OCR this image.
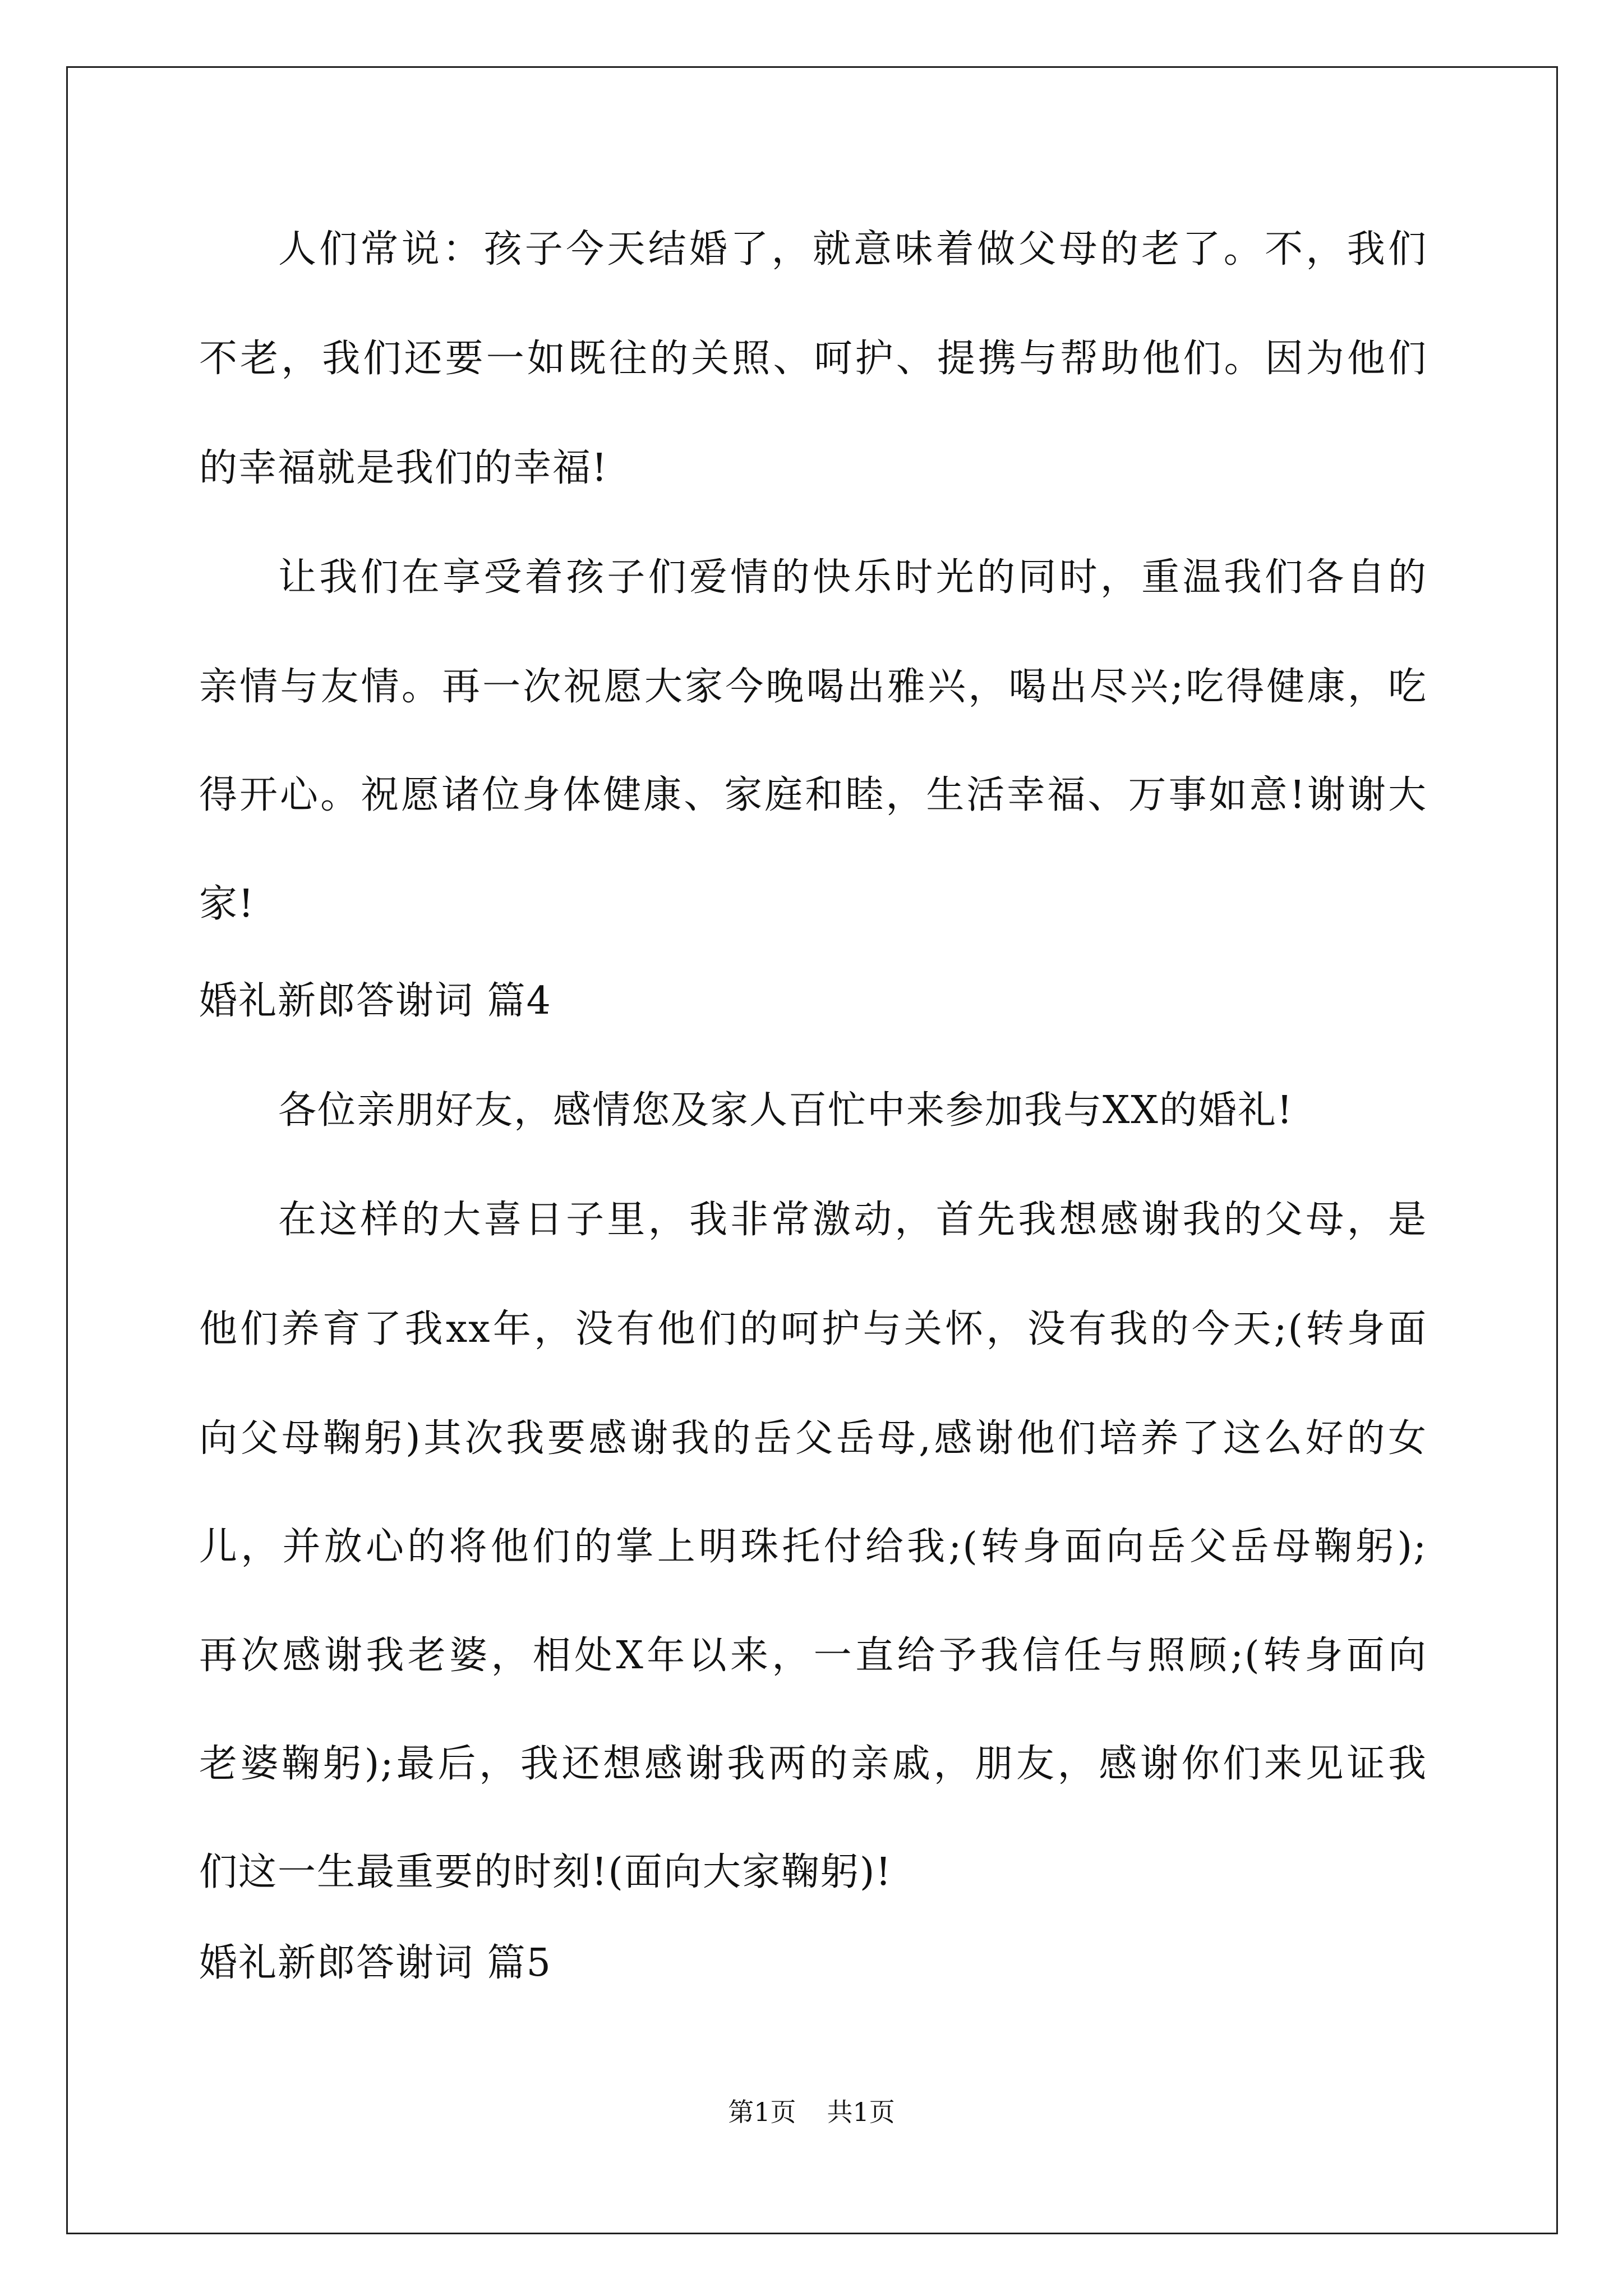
人们常说：孩子今天结婚了，就意味着做父母的老了。不，我们
不老，我们还要一如既往的关照、呵护、提携与帮助他们。因为他们
的幸福就是我们的幸福!
让我们在享受着孩子们爱情的快乐时光的同时，重温我们各自的
亲情与友情。再一次祝愿大家今晚喝出雅兴，喝出尽兴;吃得健康，吃
得开心。祝愿诸位身体健康、家庭和睦，生活幸福、万事如意!谢谢大
家!
婚礼新郎答谢词 篇4
各位亲朋好友，感情您及家人百忙中来参加我与XX的婚礼!
在这样的大喜日子里，我非常激动，首先我想感谢我的父母，是
他们养育了我xx年，没有他们的呵护与关怀，没有我的今天;(转身面
向父母鞠躬)其次我要感谢我的岳父岳母,感谢他们培养了这么好的女
儿，并放心的将他们的掌上明珠托付给我;(转身面向岳父岳母鞠躬);
再次感谢我老婆，相处X年以来，一直给予我信任与照顾;(转身面向
老婆鞠躬);最后，我还想感谢我两的亲戚，朋友，感谢你们来见证我
们这一生最重要的时刻!(面向大家鞠躬)!
婚礼新郎答谢词 篇5
第1页 共1页
